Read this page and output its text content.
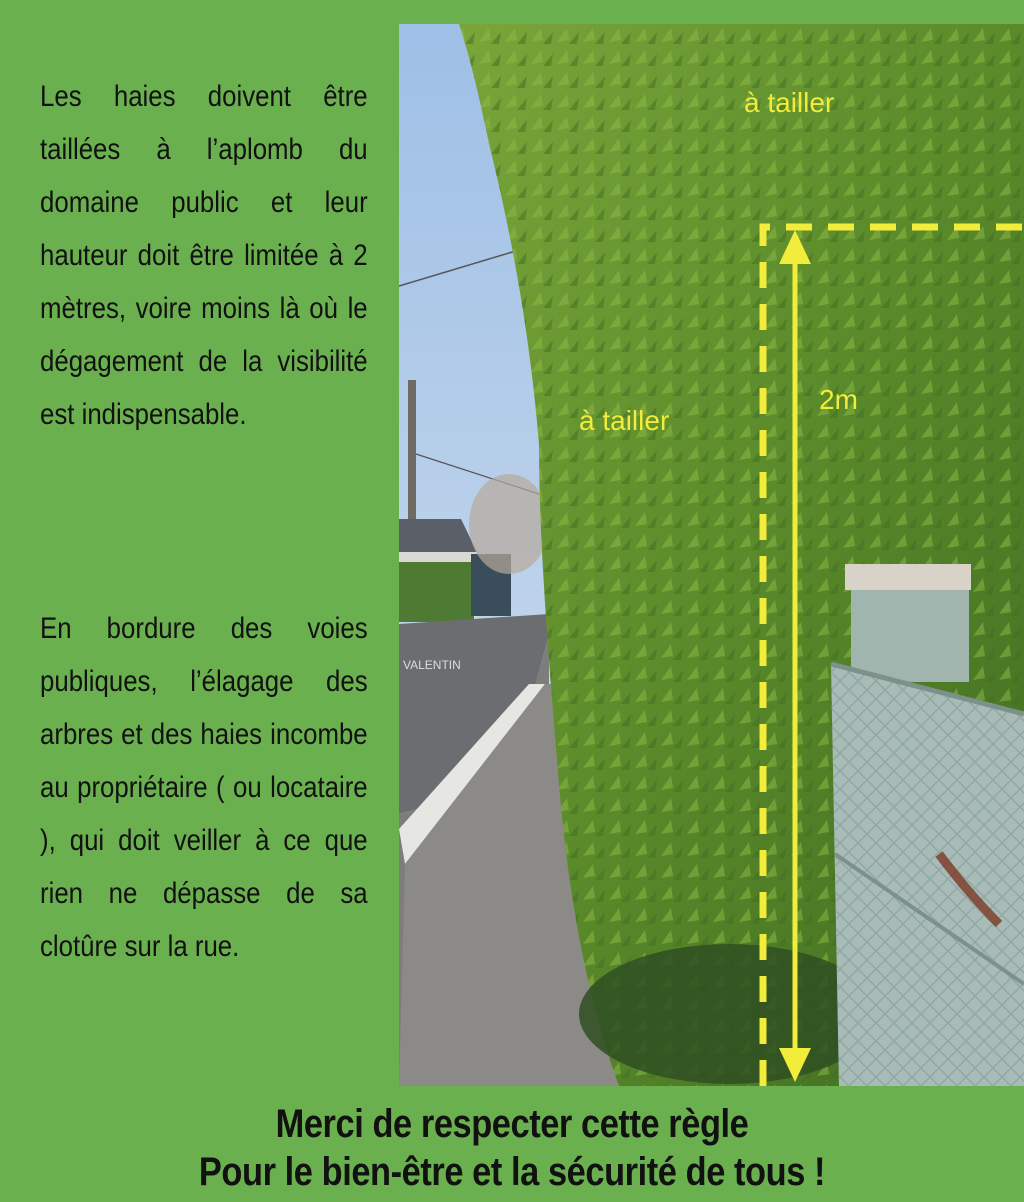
Les haies doivent être taillées à l’aplomb du domaine public et leur hauteur doit être limitée à 2 mètres, voire moins là où le dégagement de la visibilité est indispensable.
En bordure des voies publiques, l’élagage des arbres et des haies incombe au propriétaire ( ou locataire ), qui doit veiller à ce que rien ne dépasse de sa clotûre sur la rue.
VALENTIN
à tailler
à tailler
2m
Merci de respecter cette règle
Pour le bien-être et la sécurité de tous !
